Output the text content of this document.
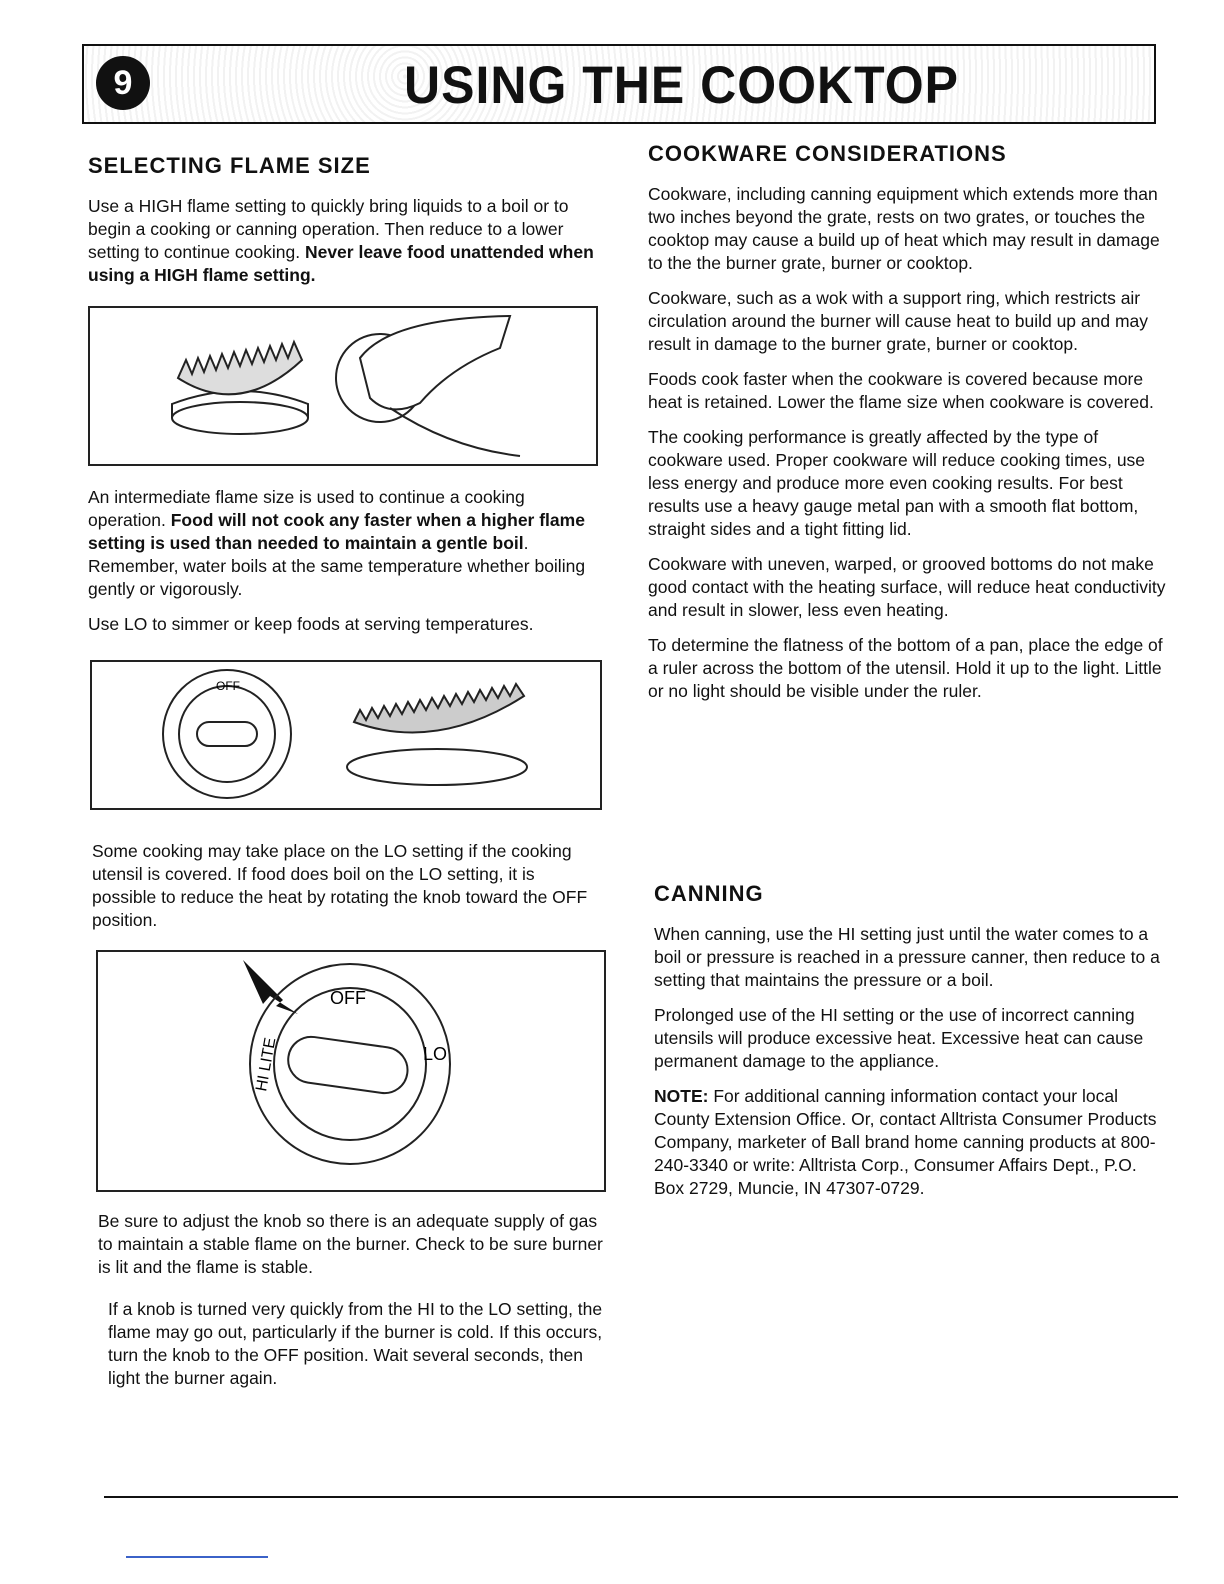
9	USING THE COOKTOP
SELECTING FLAME SIZE

Use a HIGH flame setting to quickly bring liquids to a boil or to begin a cooking or canning operation. Then reduce to a lower setting to continue cooking. Never leave food unattended when using a HIGH flame setting.

An intermediate flame size is used to continue a cooking operation. Food will not cook any faster when a higher flame setting is used than needed to maintain a gentle boil. Remember, water boils at the same temperature whether boiling gently or vigorously.

Use LO to simmer or keep foods at serving temperatures.

OFF

Some cooking may take place on the LO setting if the cooking utensil is covered. If food does boil on the LO setting, it is possible to reduce the heat by rotating the knob toward the OFF position.

OFF
LO
HI LITE

Be sure to adjust the knob so there is an adequate supply of gas to maintain a stable flame on the burner. Check to be sure burner is lit and the flame is stable.

If a knob is turned very quickly from the HI to the LO setting, the flame may go out, particularly if the burner is cold. If this occurs, turn the knob to the OFF position. Wait several seconds, then light the burner again.

COOKWARE CONSIDERATIONS

Cookware, including canning equipment which extends more than two inches beyond the grate, rests on two grates, or touches the cooktop may cause a build up of heat which may result in damage to the the burner grate, burner or cooktop.

Cookware, such as a wok with a support ring, which restricts air circulation around the burner will cause heat to build up and may result in damage to the burner grate, burner or cooktop.

Foods cook faster when the cookware is covered because more heat is retained. Lower the flame size when cookware is covered.

The cooking performance is greatly affected by the type of cookware used. Proper cookware will reduce cooking times, use less energy and produce more even cooking results. For best results use a heavy gauge metal pan with a smooth flat bottom, straight sides and a tight fitting lid.

Cookware with uneven, warped, or grooved bottoms do not make good contact with the heating surface, will reduce heat conductivity and result in slower, less even heating.

To determine the flatness of the bottom of a pan, place the edge of a ruler across the bottom of the utensil. Hold it up to the light. Little or no light should be visible under the ruler.

CANNING

When canning, use the HI setting just until the water comes to a boil or pressure is reached in a pressure canner, then reduce to a setting that maintains the pressure or a boil.

Prolonged use of the HI setting or the use of incorrect canning utensils will produce excessive heat. Excessive heat can cause permanent damage to the appliance.

NOTE: For additional canning information contact your local County Extension Office. Or, contact Alltrista Consumer Products Company, marketer of Ball brand home canning products at 800-240-3340 or write: Alltrista Corp., Consumer Affairs Dept., P.O. Box 2729, Muncie, IN 47307-0729.
